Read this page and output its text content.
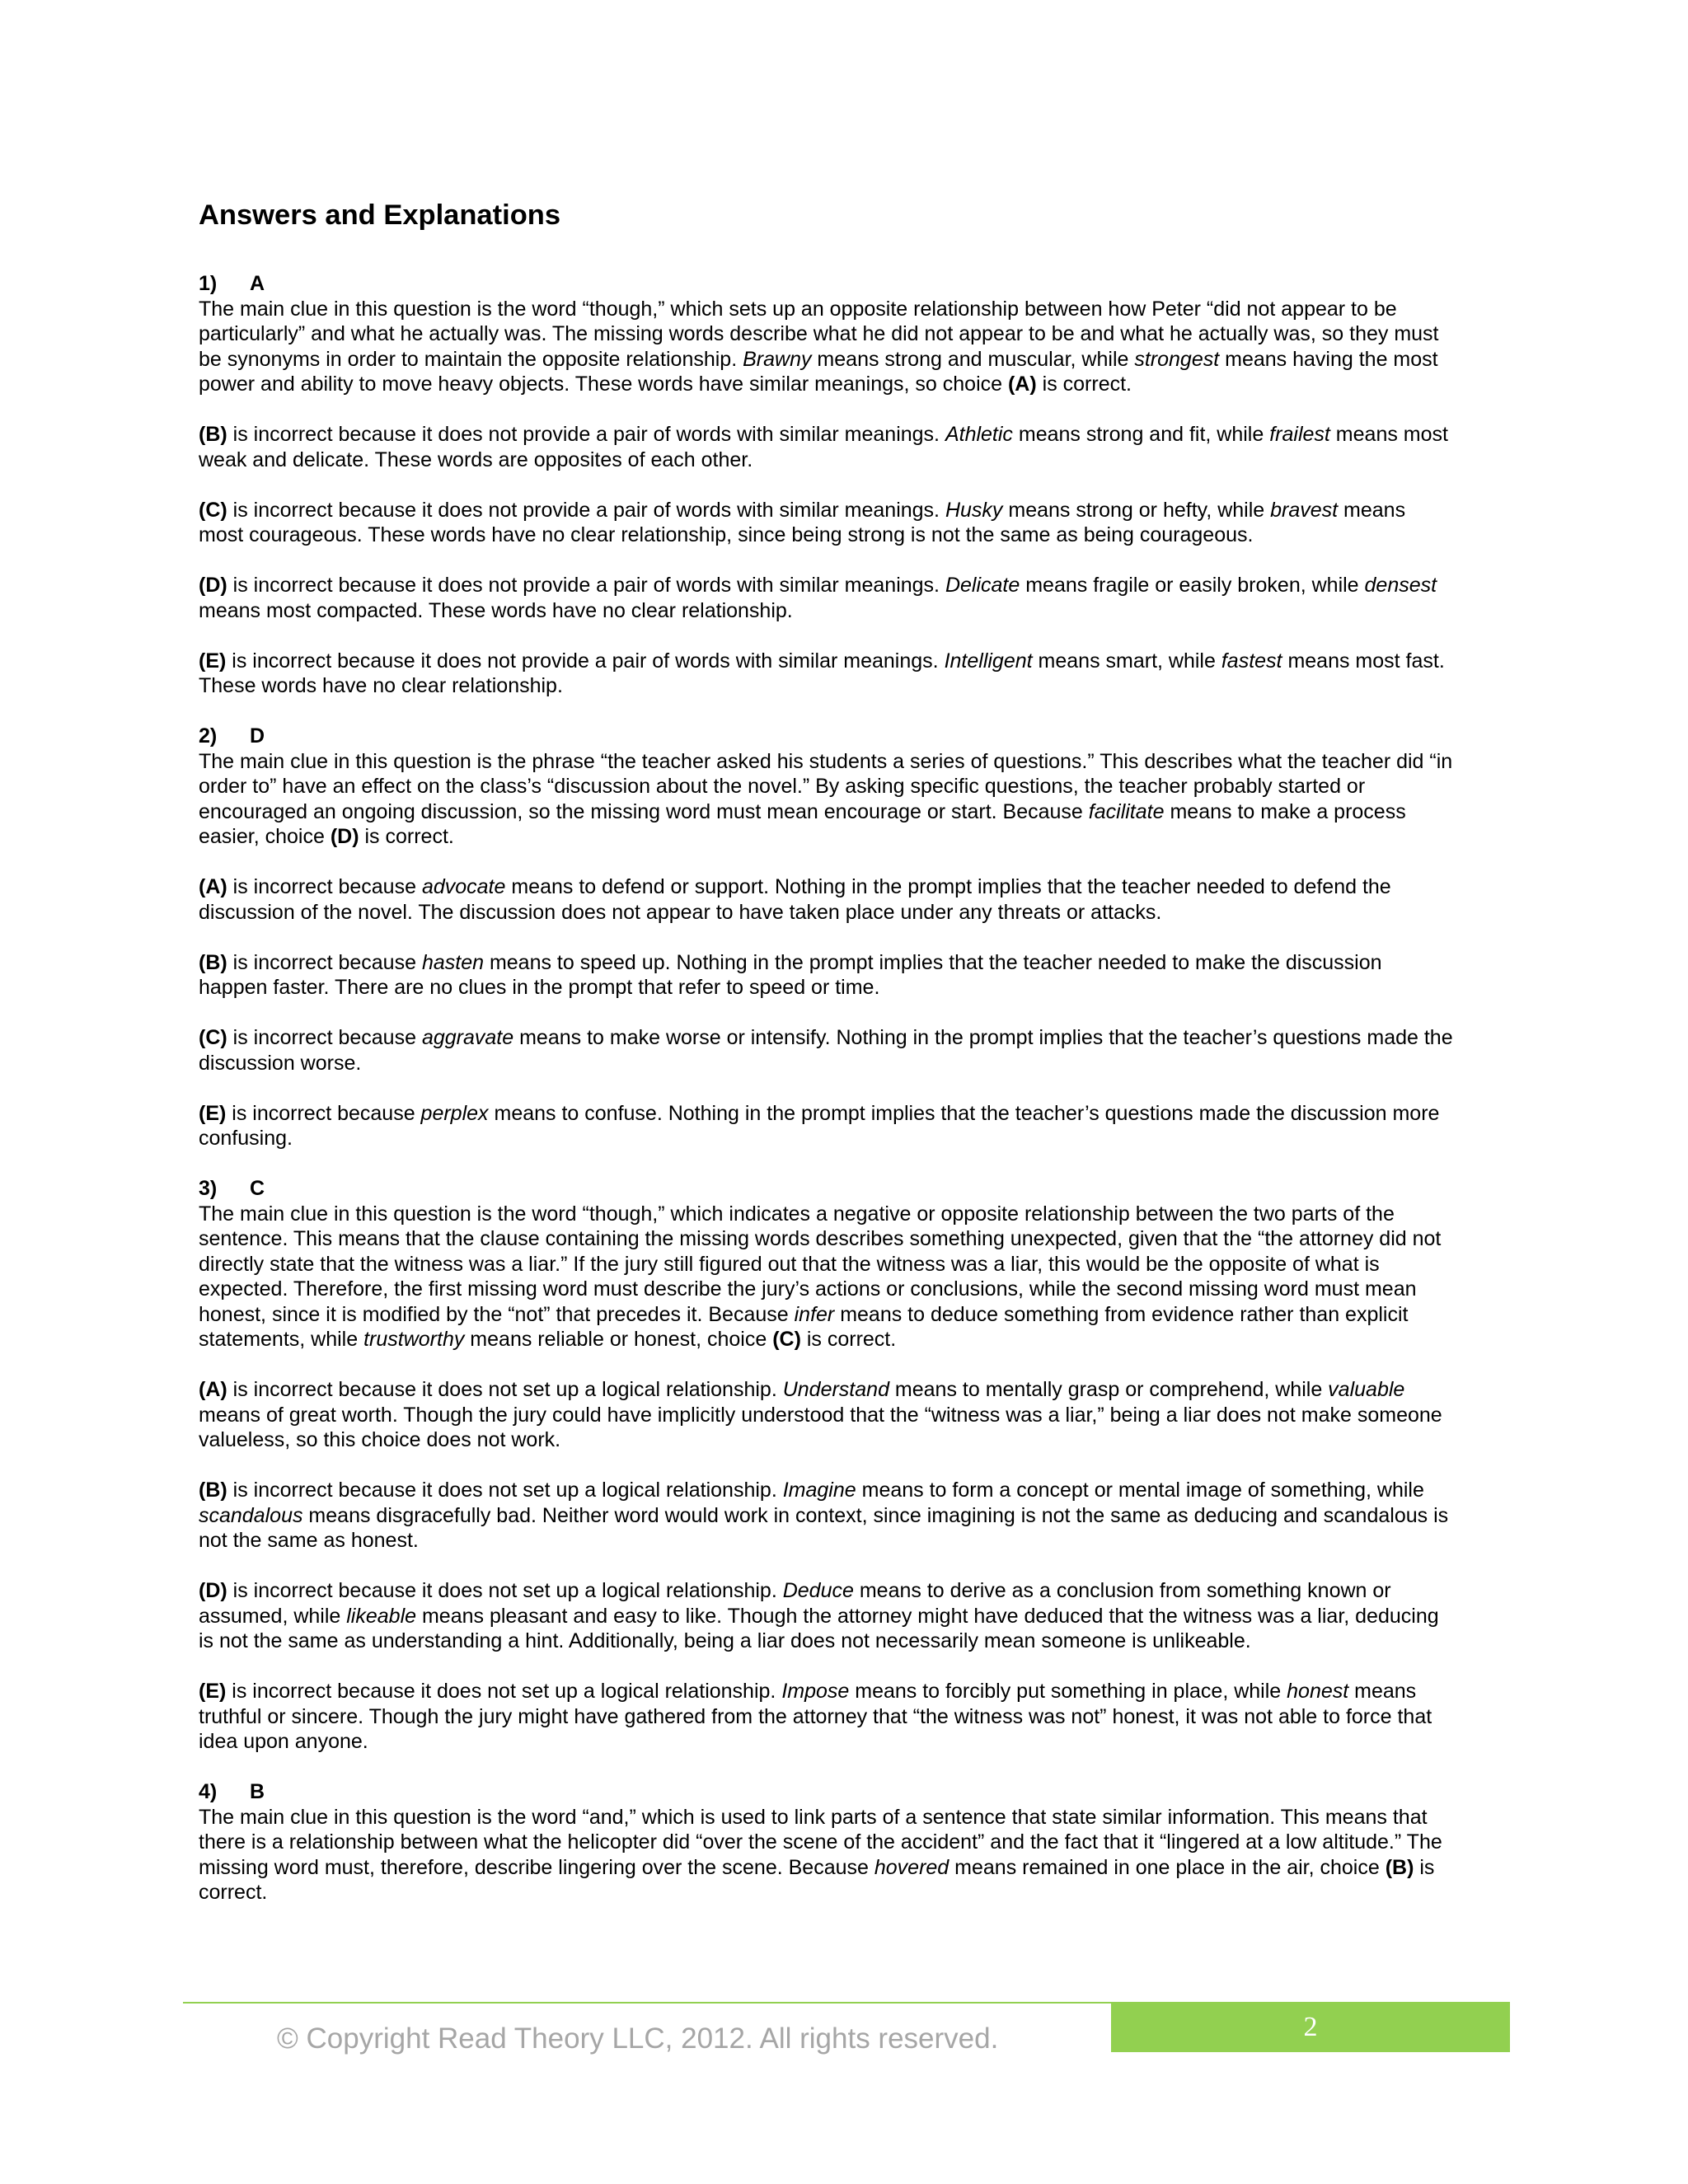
Answers and Explanations

1) A

The main clue in this question is the word “though,” which sets up an opposite relationship between how Peter “did not appear to be particularly” and what he actually was. The missing words describe what he did not appear to be and what he actually was, so they must be synonyms in order to maintain the opposite relationship. Brawny means strong and muscular, while strongest means having the most power and ability to move heavy objects. These words have similar meanings, so choice (A) is correct.

(B) is incorrect because it does not provide a pair of words with similar meanings. Athletic means strong and fit, while frailest means most weak and delicate. These words are opposites of each other.

(C) is incorrect because it does not provide a pair of words with similar meanings. Husky means strong or hefty, while bravest means most courageous. These words have no clear relationship, since being strong is not the same as being courageous.

(D) is incorrect because it does not provide a pair of words with similar meanings. Delicate means fragile or easily broken, while densest means most compacted. These words have no clear relationship.

(E) is incorrect because it does not provide a pair of words with similar meanings. Intelligent means smart, while fastest means most fast. These words have no clear relationship.

2) D

The main clue in this question is the phrase “the teacher asked his students a series of questions.” This describes what the teacher did “in order to” have an effect on the class’s “discussion about the novel.” By asking specific questions, the teacher probably started or encouraged an ongoing discussion, so the missing word must mean encourage or start. Because facilitate means to make a process easier, choice (D) is correct.

(A) is incorrect because advocate means to defend or support. Nothing in the prompt implies that the teacher needed to defend the discussion of the novel. The discussion does not appear to have taken place under any threats or attacks.

(B) is incorrect because hasten means to speed up. Nothing in the prompt implies that the teacher needed to make the discussion happen faster. There are no clues in the prompt that refer to speed or time.

(C) is incorrect because aggravate means to make worse or intensify. Nothing in the prompt implies that the teacher’s questions made the discussion worse.

(E) is incorrect because perplex means to confuse. Nothing in the prompt implies that the teacher’s questions made the discussion more confusing.

3) C

The main clue in this question is the word “though,” which indicates a negative or opposite relationship between the two parts of the sentence. This means that the clause containing the missing words describes something unexpected, given that the “the attorney did not directly state that the witness was a liar.” If the jury still figured out that the witness was a liar, this would be the opposite of what is expected. Therefore, the first missing word must describe the jury’s actions or conclusions, while the second missing word must mean honest, since it is modified by the “not” that precedes it. Because infer means to deduce something from evidence rather than explicit statements, while trustworthy means reliable or honest, choice (C) is correct.

(A) is incorrect because it does not set up a logical relationship. Understand means to mentally grasp or comprehend, while valuable means of great worth. Though the jury could have implicitly understood that the “witness was a liar,” being a liar does not make someone valueless, so this choice does not work.

(B) is incorrect because it does not set up a logical relationship. Imagine means to form a concept or mental image of something, while scandalous means disgracefully bad. Neither word would work in context, since imagining is not the same as deducing and scandalous is not the same as honest.

(D) is incorrect because it does not set up a logical relationship. Deduce means to derive as a conclusion from something known or assumed, while likeable means pleasant and easy to like. Though the attorney might have deduced that the witness was a liar, deducing is not the same as understanding a hint. Additionally, being a liar does not necessarily mean someone is unlikeable.

(E) is incorrect because it does not set up a logical relationship. Impose means to forcibly put something in place, while honest means truthful or sincere. Though the jury might have gathered from the attorney that “the witness was not” honest, it was not able to force that idea upon anyone.

4) B

The main clue in this question is the word “and,” which is used to link parts of a sentence that state similar information. This means that there is a relationship between what the helicopter did “over the scene of the accident” and the fact that it “lingered at a low altitude.” The missing word must, therefore, describe lingering over the scene. Because hovered means remained in one place in the air, choice (B) is correct.

2

© Copyright Read Theory LLC, 2012. All rights reserved.
